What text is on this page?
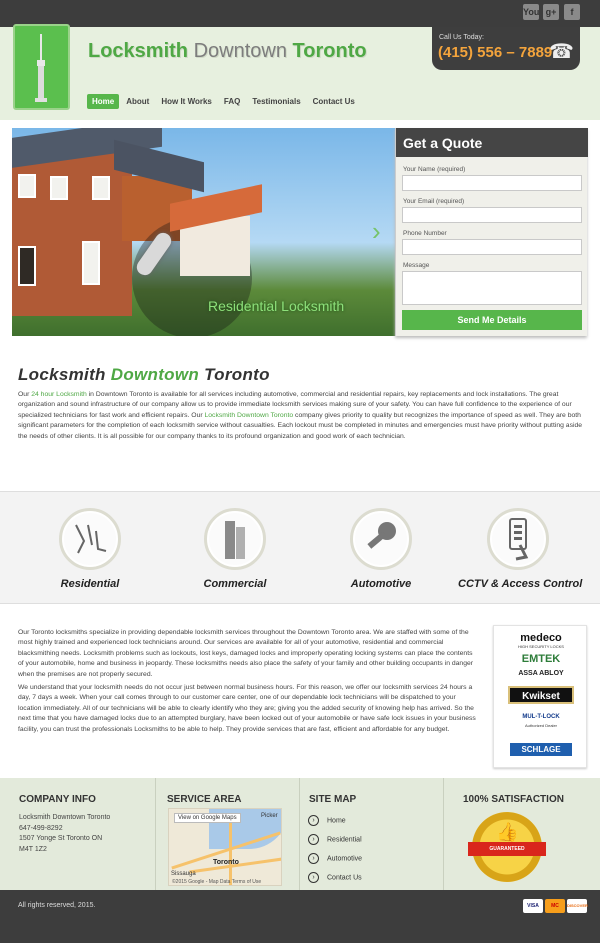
You g+	f
Locksmith Downtown Toronto
Home	About	How It Works	FAQ	Testimonials	Contact Us
Call Us Today:
(415) 556 – 7889
☎
Residential Locksmith
›
Get a Quote
Your Name (required)
Your Email (required)
Phone Number
Message
Send Me Details
Locksmith Downtown Toronto
Our 24 hour Locksmith in Downtown Toronto is available for all services including automotive, commercial and residential repairs, key replacements and lock installations. The great organization and sound infrastructure of our company allow us to provide immediate locksmith services making sure of your safety. You can have full confidence to the experience of our specialized technicians for fast work and efficient repairs. Our Locksmith Downtown Toronto company gives priority to quality but recognizes the importance of speed as well. They are both significant parameters for the completion of each locksmith service without casualties. Each lockout must be completed in minutes and emergencies must have priority without putting aside the needs of other clients. It is all possible for our company thanks to its profound organization and good work of each technician.
Residential	Commercial	Automotive	CCTV & Access Control

Our Toronto locksmiths specialize in providing dependable locksmith services throughout the Downtown Toronto area. We are staffed with some of the most highly trained and experienced lock technicians around. Our services are available for all of your automotive, residential and commercial blacksmithing needs. Locksmith problems such as lockouts, lost keys, damaged locks and improperly operating locking systems can place the contents of your automobile, home and business in jeopardy. These locksmiths needs also place the safety of your family and other building occupants in danger when the premises are not properly secured.

We understand that your locksmith needs do not occur just between normal business hours. For this reason, we offer our locksmith services 24 hours a day, 7 days a week. When your call comes through to our customer care center, one of our dependable lock technicians will be dispatched to your location immediately. All of our technicians will be able to clearly identify who they are; giving you the added security of knowing help has arrived. So the next time that you have damaged locks due to an attempted burglary, have been locked out of your automobile or have safe lock issues in your business facility, you can trust the professionals Locksmiths to be able to help. They provide services that are fast, efficient and affordable for any budget.

medeco
HIGH SECURITY LOCKS
EMTEK
ASSA ABLOY
Kwikset
MUL-T-LOCK
Authorized Dealer
SCHLAGE
COMPANY INFO
Locksmith Downtown Toronto
647-499-8292
1507 Yonge St Toronto ON
M4T 1Z2
SERVICE AREA	SITE MAP	100% SATISFACTION
View on Google Maps	Picker
Toronto
Sissauga
©2015 Google - Map Data Terms of Use
› Home
› Residential
› Automotive
› Contact Us
👍
GUARANTEED
All rights reserved, 2015.	VISA	MC	DISCOVER
